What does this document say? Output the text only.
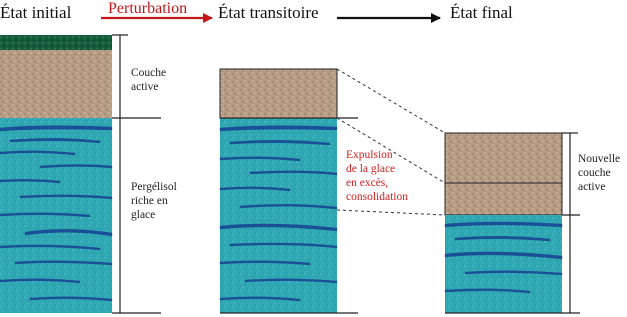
État initial Perturbation État transitoire	État final
Couche
active
Pergélisol
riche en
glace
Expulsion
de la glace
en excès,
consolidation
Nouvelle
couche
active
